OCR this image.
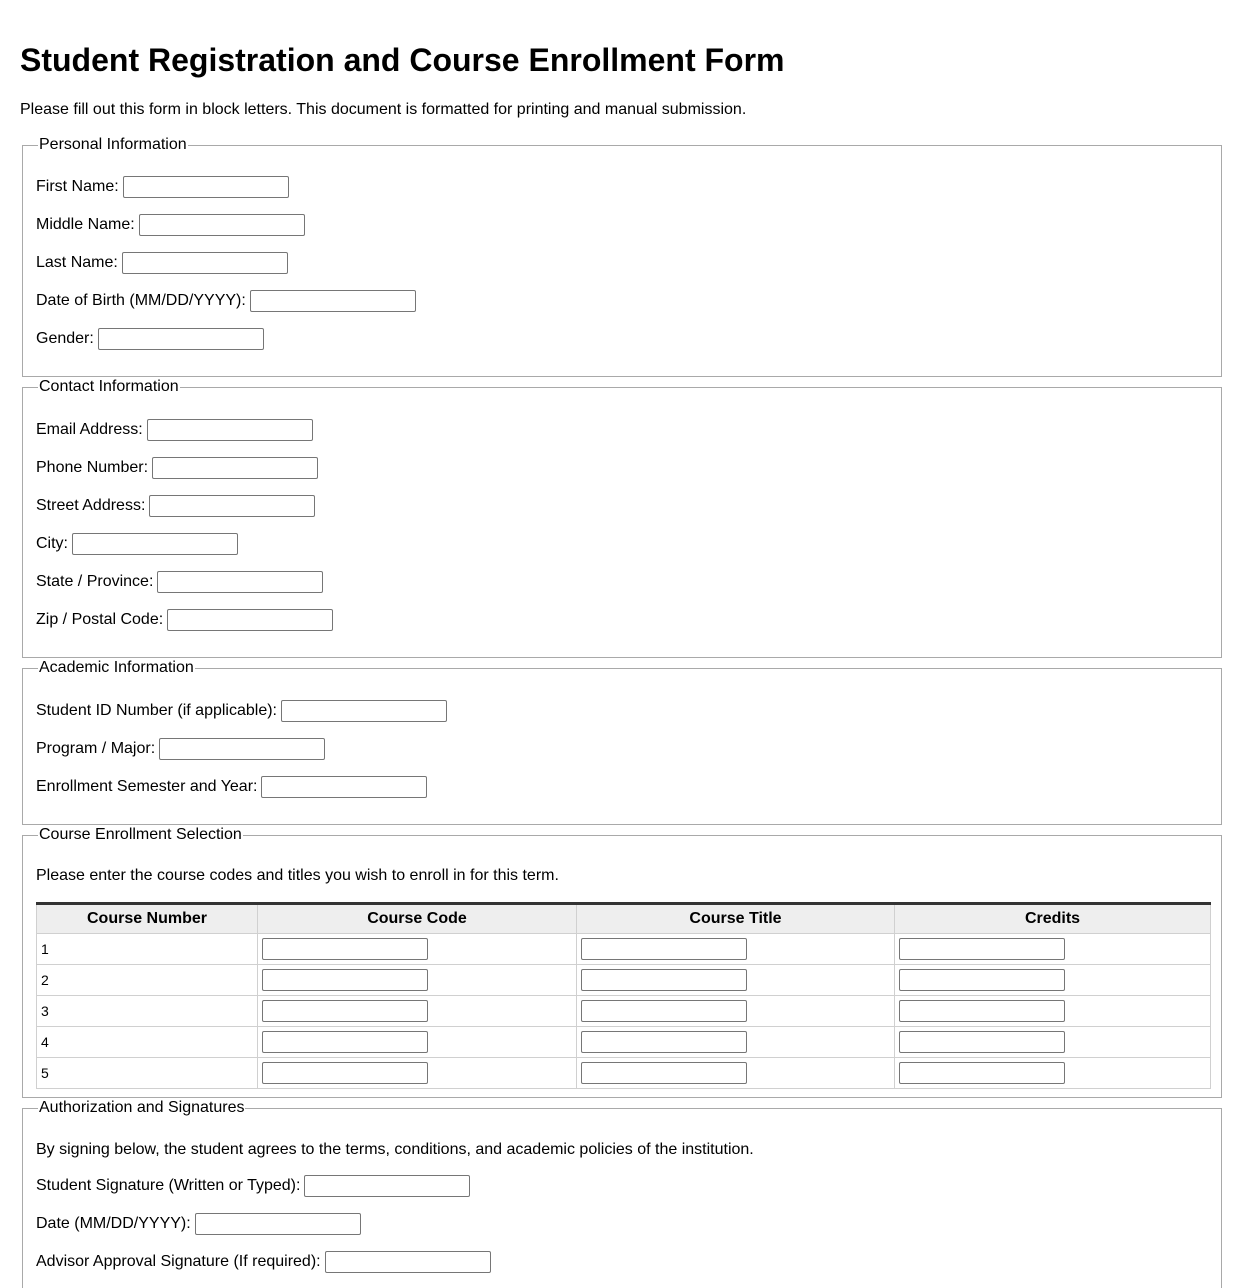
Student Registration and Course Enrollment Form

Please fill out this form in block letters. This document is formatted for printing and manual submission.

Personal Information
First Name:
Middle Name:
Last Name:
Date of Birth (MM/DD/YYYY):
Gender:
Contact Information
Email Address:
Phone Number:
Street Address:
City:
State / Province:
Zip / Postal Code:
Academic Information
Student ID Number (if applicable):
Program / Major:
Enrollment Semester and Year:
Course Enrollment Selection
Please enter the course codes and titles you wish to enroll in for this term.
Course Number	Course Code	Course Title	Credits
1			
2			
3			
4			
5			
Authorization and Signatures
By signing below, the student agrees to the terms, conditions, and academic policies of the institution.
Student Signature (Written or Typed):
Date (MM/DD/YYYY):
Advisor Approval Signature (If required):
